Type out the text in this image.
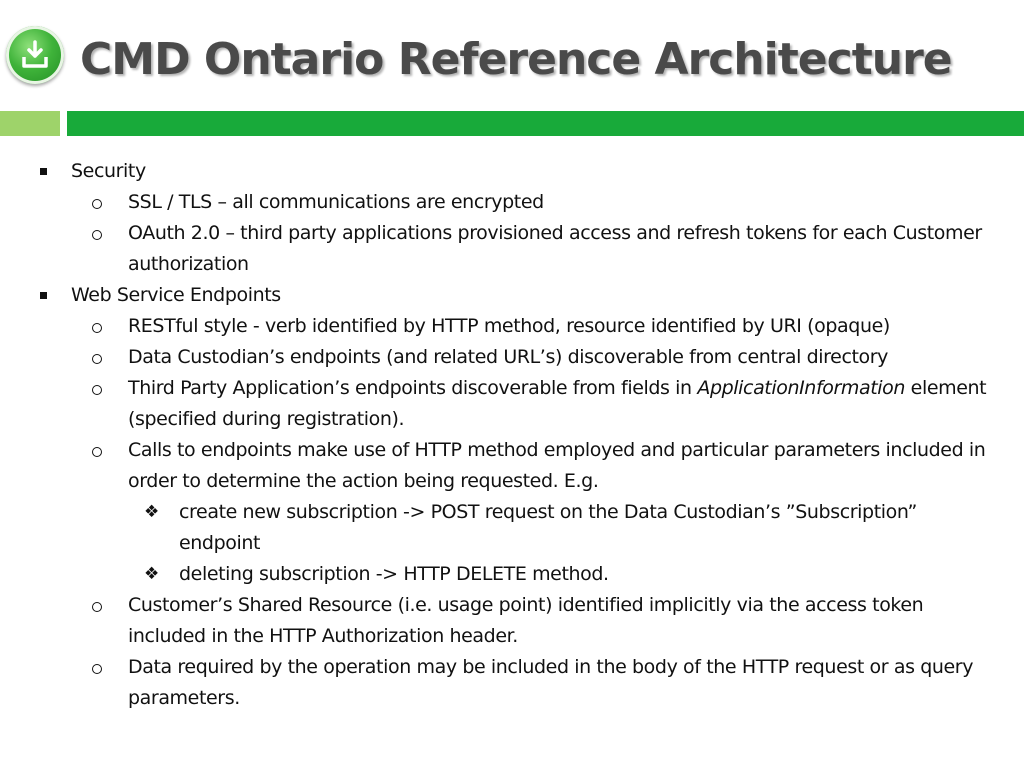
CMD Ontario Reference Architecture
Security
SSL / TLS – all communications are encrypted
OAuth 2.0 – third party applications provisioned access and refresh tokens for each Customer authorization
Web Service Endpoints
RESTful style - verb identified by HTTP method, resource identified by URI (opaque)
Data Custodian’s endpoints (and related URL’s) discoverable from central directory
Third Party Application’s endpoints discoverable from fields in ApplicationInformation element (specified during registration).
Calls to endpoints make use of HTTP method employed and particular parameters included in order to determine the action being requested. E.g.
❖ create new subscription -> POST request on the Data Custodian’s ”Subscription” endpoint
❖ deleting subscription -> HTTP DELETE method.
Customer’s Shared Resource (i.e. usage point) identified implicitly via the access token included in the HTTP Authorization header.
Data required by the operation may be included in the body of the HTTP request or as query parameters.
